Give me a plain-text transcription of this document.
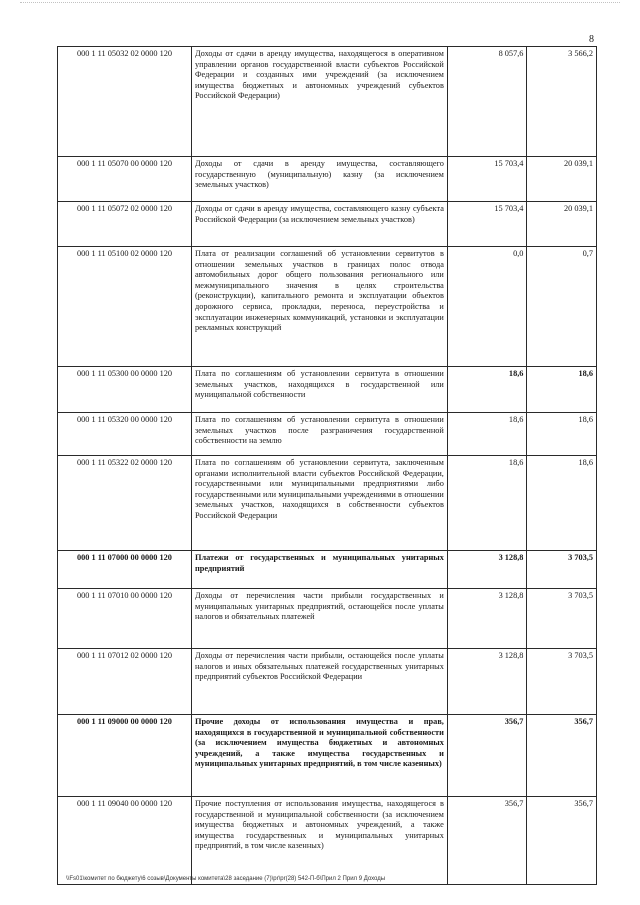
8
000 1 11 05032 02 0000 120	Доходы от сдачи в аренду имущества, находящегося в оперативном управлении органов государственной власти субъектов Российской Федерации и созданных ими учреждений (за исключением имущества бюджетных и автономных учреждений субъектов Российской Федерации)	8 057,6	3 566,2
000 1 11 05070 00 0000 120	Доходы от сдачи в аренду имущества, составляющего государственную (муниципальную) казну (за исключением земельных участков)	15 703,4	20 039,1
000 1 11 05072 02 0000 120	Доходы от сдачи в аренду имущества, составляющего казну субъекта Российской Федерации (за исключением земельных участков)	15 703,4	20 039,1
000 1 11 05100 02 0000 120	Плата от реализации соглашений об установлении сервитутов в отношении земельных участков в границах полос отвода автомобильных дорог общего пользования регионального или межмуниципального значения в целях строительства (реконструкции), капитального ремонта и эксплуатации объектов дорожного сервиса, прокладки, переноса, переустройства и эксплуатации инженерных коммуникаций, установки и эксплуатации рекламных конструкций	0,0	0,7
000 1 11 05300 00 0000 120	Плата по соглашениям об установлении сервитута в отношении земельных участков, находящихся в государственной или муниципальной собственности	18,6	18,6
000 1 11 05320 00 0000 120	Плата по соглашениям об установлении сервитута в отношении земельных участков после разграничения государственной собственности на землю	18,6	18,6
000 1 11 05322 02 0000 120	Плата по соглашениям об установлении сервитута, заключенным органами исполнительной власти субъектов Российской Федерации, государственными или муниципальными предприятиями либо государственными или муниципальными учреждениями в отношении земельных участков, находящихся в собственности субъектов Российской Федерации	18,6	18,6
000 1 11 07000 00 0000 120	Платежи от государственных и муниципальных унитарных предприятий	3 128,8	3 703,5
000 1 11 07010 00 0000 120	Доходы от перечисления части прибыли государственных и муниципальных унитарных предприятий, остающейся после уплаты налогов и обязательных платежей	3 128,8	3 703,5
000 1 11 07012 02 0000 120	Доходы от перечисления части прибыли, остающейся после уплаты налогов и иных обязательных платежей государственных унитарных предприятий субъектов Российской Федерации	3 128,8	3 703,5
000 1 11 09000 00 0000 120	Прочие доходы от использования имущества и прав, находящихся в государственной и муниципальной собственности (за исключением имущества бюджетных и автономных учреждений, а также имущества государственных и муниципальных унитарных предприятий, в том числе казенных)	356,7	356,7
000 1 11 09040 00 0000 120	Прочие поступления от использования имущества, находящегося в государственной и муниципальной собственности (за исключением имущества бюджетных и автономных учреждений, а также имущества государственных и муниципальных унитарных предприятий, в том числе казенных)	356,7	356,7
\\Fs01\комитет по бюджету\6 созыв\Документы комитета\28 заседание (7)\pr\pr(28) 542-П-б\Прил 2 Прил 9 Доходы
